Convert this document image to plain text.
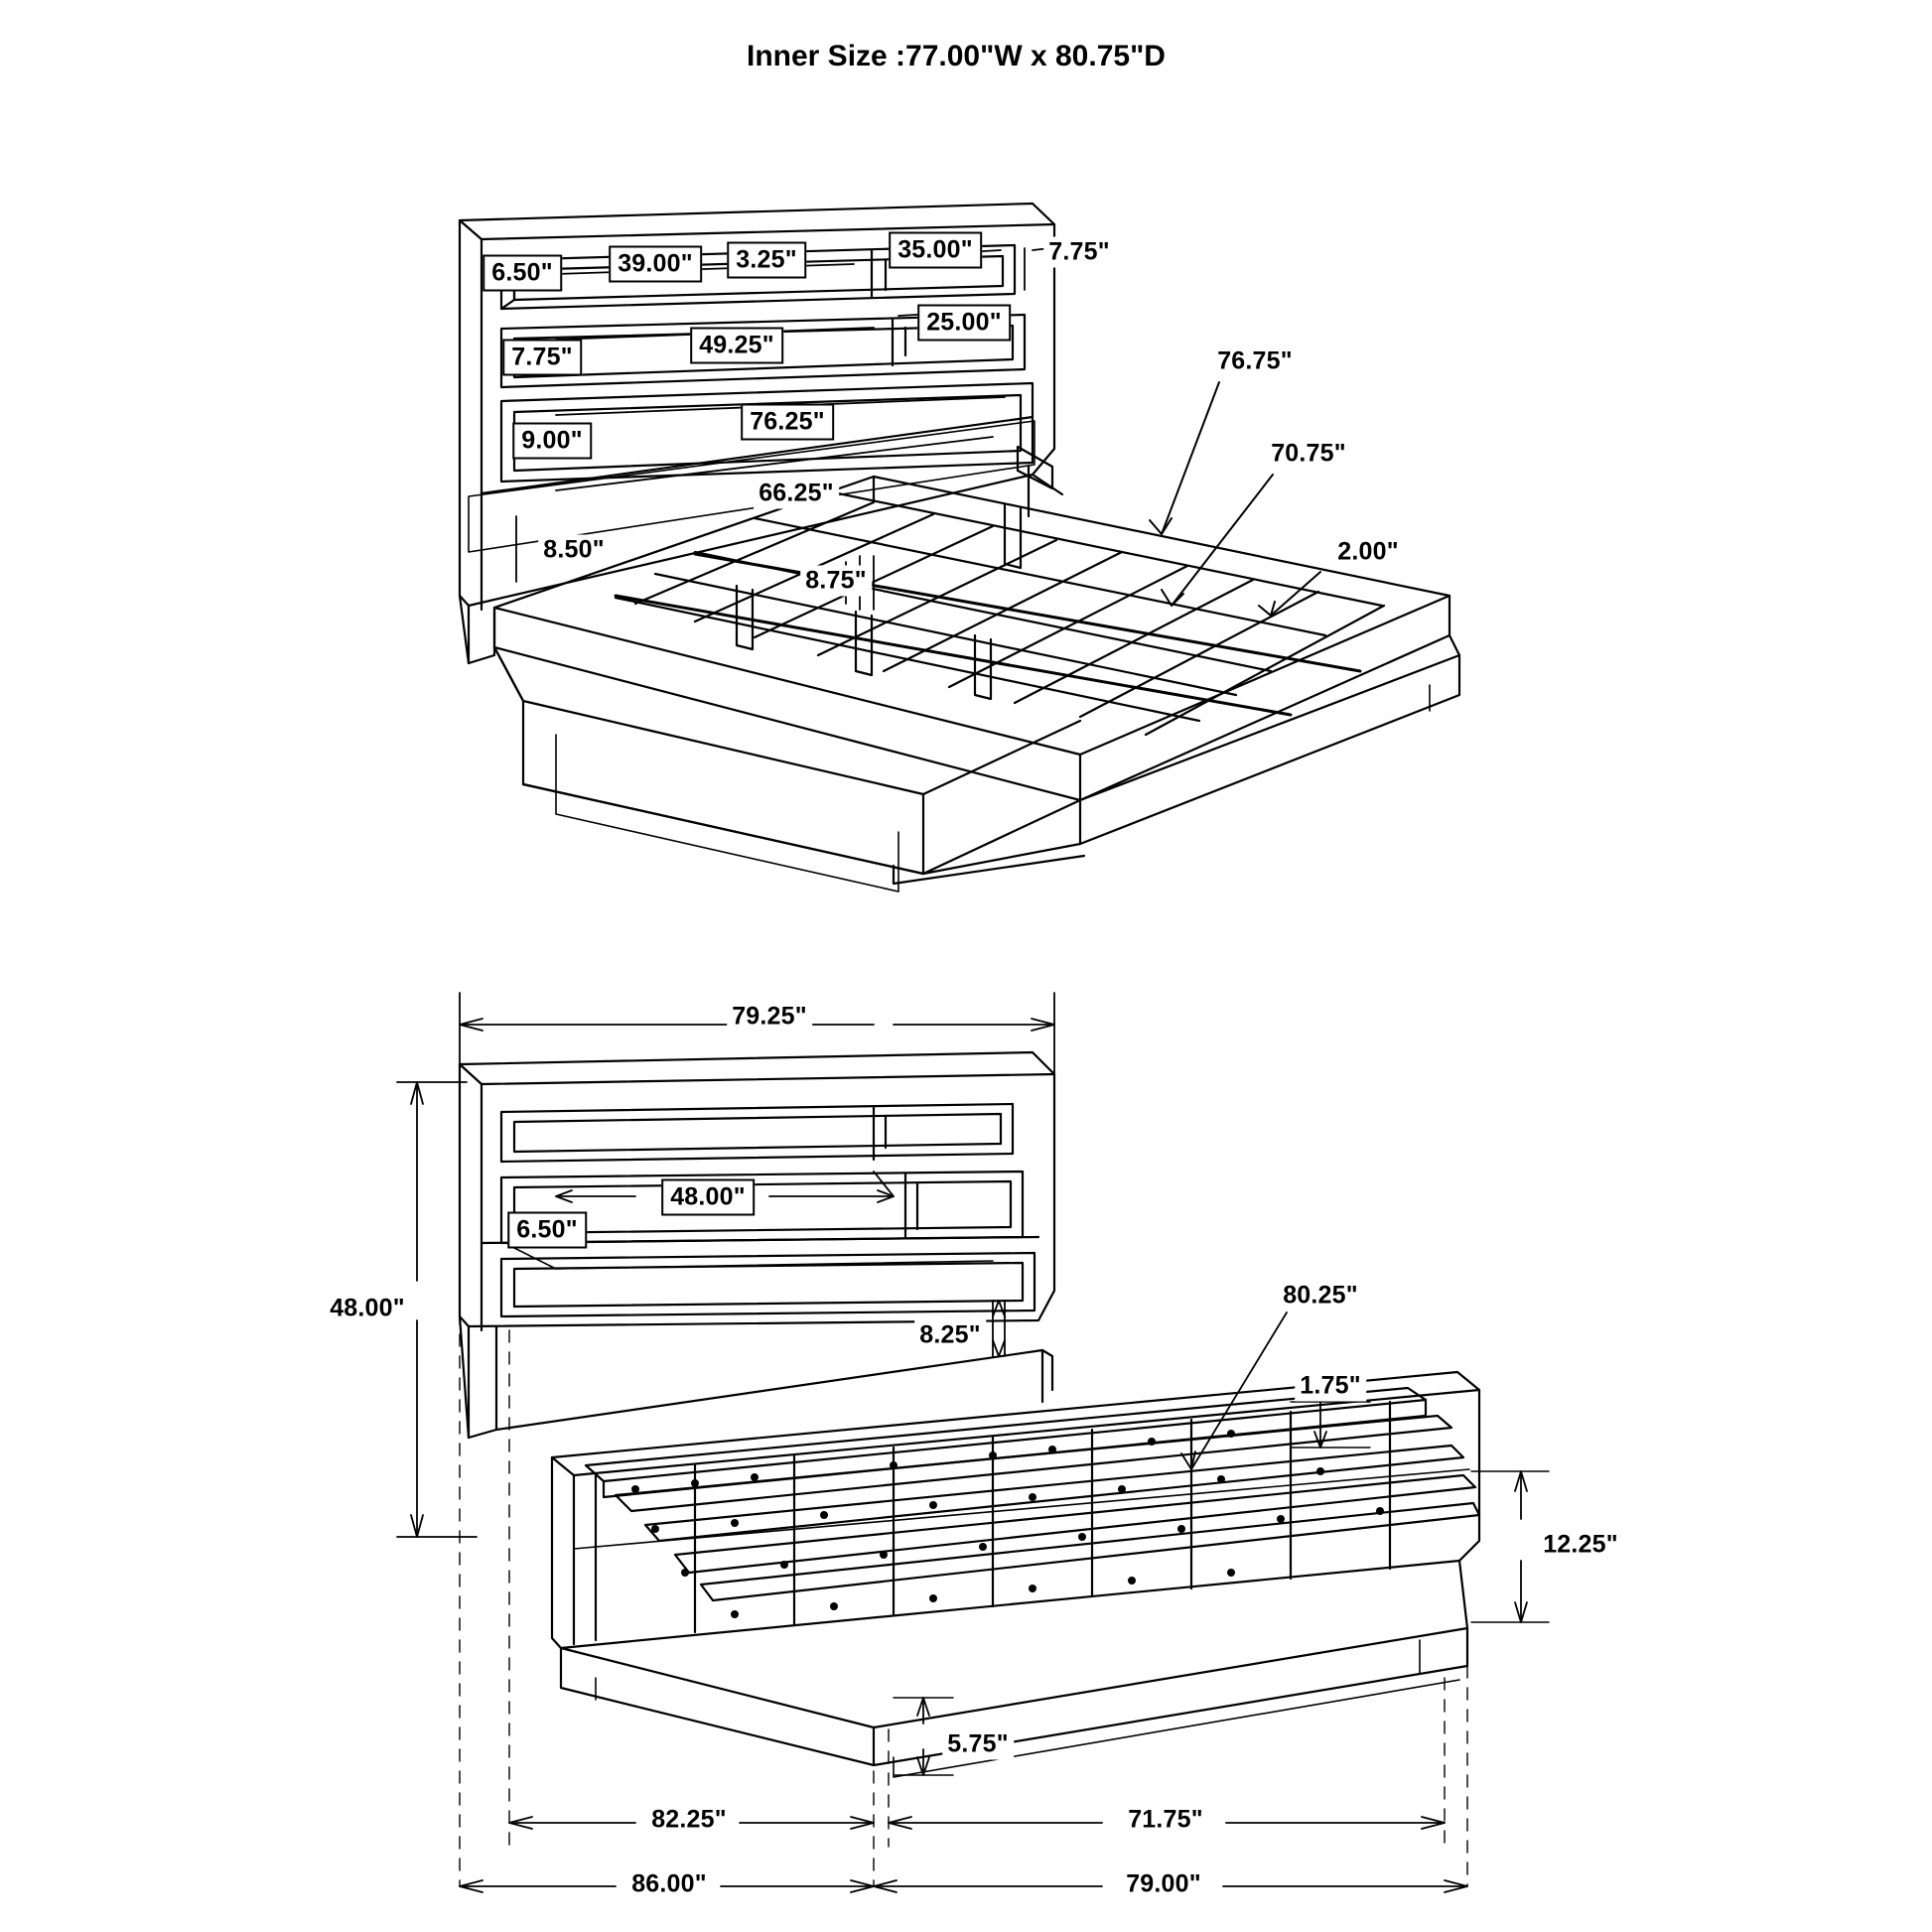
Inner Size :77.00"W x 80.75"D
6.50"	39.00"	3.25"	35.00"	7.75"
25.00"
7.75"	49.25"
9.00"
76.25"
66.25"
8.50"
8.75"
76.75"
70.75"
2.00"
79.25"
48.00"
48.00"
6.50"
8.25"
80.25"
1.75"
12.25"
5.75"
82.25"	71.75"
86.00"	79.00"
